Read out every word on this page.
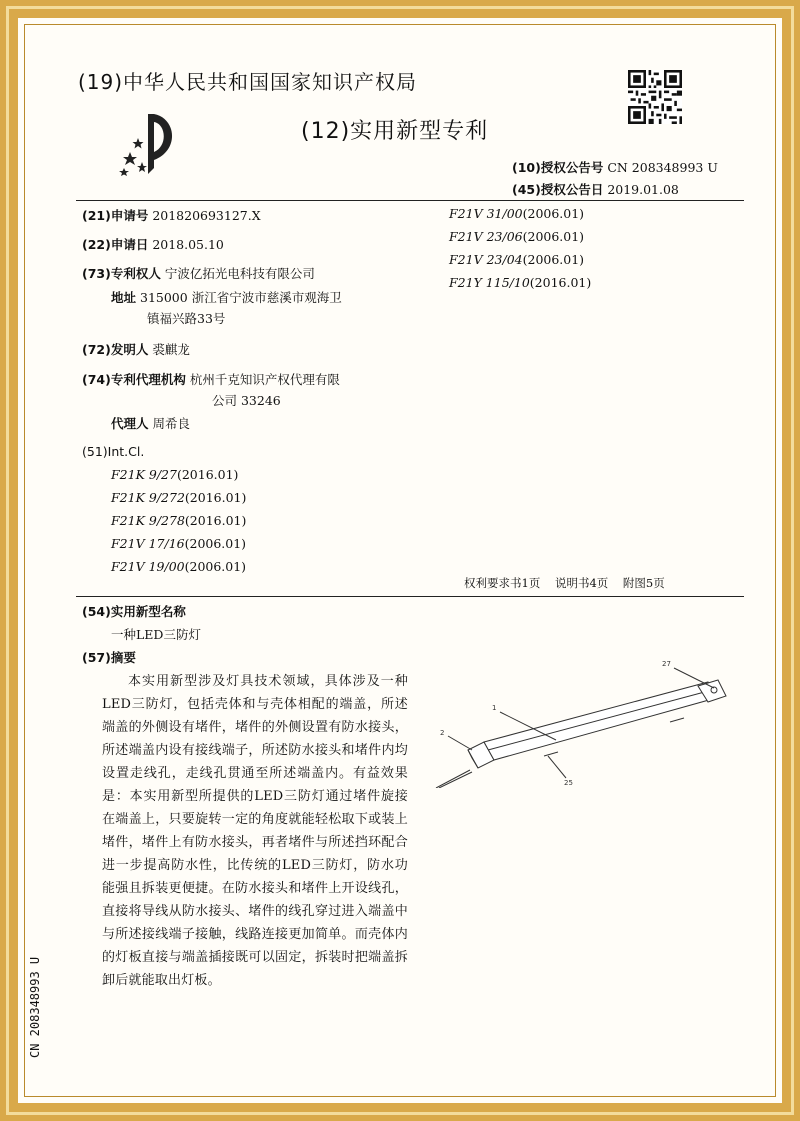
(19)中华人民共和国国家知识产权局
(12)实用新型专利
(10)授权公告号 CN 208348993 U
(45)授权公告日 2019.01.08
(21)申请号 201820693127.X
(22)申请日 2018.05.10
(73)专利权人 宁波亿拓光电科技有限公司
地址 315000 浙江省宁波市慈溪市观海卫
镇福兴路33号
(72)发明人 裘麒龙
(74)专利代理机构 杭州千克知识产权代理有限
公司 33246
代理人 周希良
(51)Int.Cl.
F21K 9/27(2016.01)
F21K 9/272(2016.01)
F21K 9/278(2016.01)
F21V 17/16(2006.01)
F21V 19/00(2006.01)
F21V 31/00(2006.01)
F21V 23/06(2006.01)
F21V 23/04(2006.01)
F21Y 115/10(2016.01)
权利要求书1页    说明书4页    附图5页
(54)实用新型名称
一种LED三防灯
(57)摘要
本实用新型涉及灯具技术领域，具体涉及一种LED三防灯，包括壳体和与壳体相配的端盖，所述端盖的外侧设有堵件，堵件的外侧设置有防水接头，所述端盖内设有接线端子，所述防水接头和堵件内均设置走线孔，走线孔贯通至所述端盖内。有益效果是：本实用新型所提供的LED三防灯通过堵件旋接在端盖上，只要旋转一定的角度就能轻松取下或装上堵件，堵件上有防水接头，再者堵件与所述挡环配合进一步提高防水性，比传统的LED三防灯，防水功能强且拆装更便捷。在防水接头和堵件上开设线孔，直接将导线从防水接头、堵件的线孔穿过进入端盖中与所述接线端子接触，线路连接更加简单。而壳体内的灯板直接与端盖插接既可以固定，拆装时把端盖拆卸后就能取出灯板。
27
1
2
25
CN 208348993 U
